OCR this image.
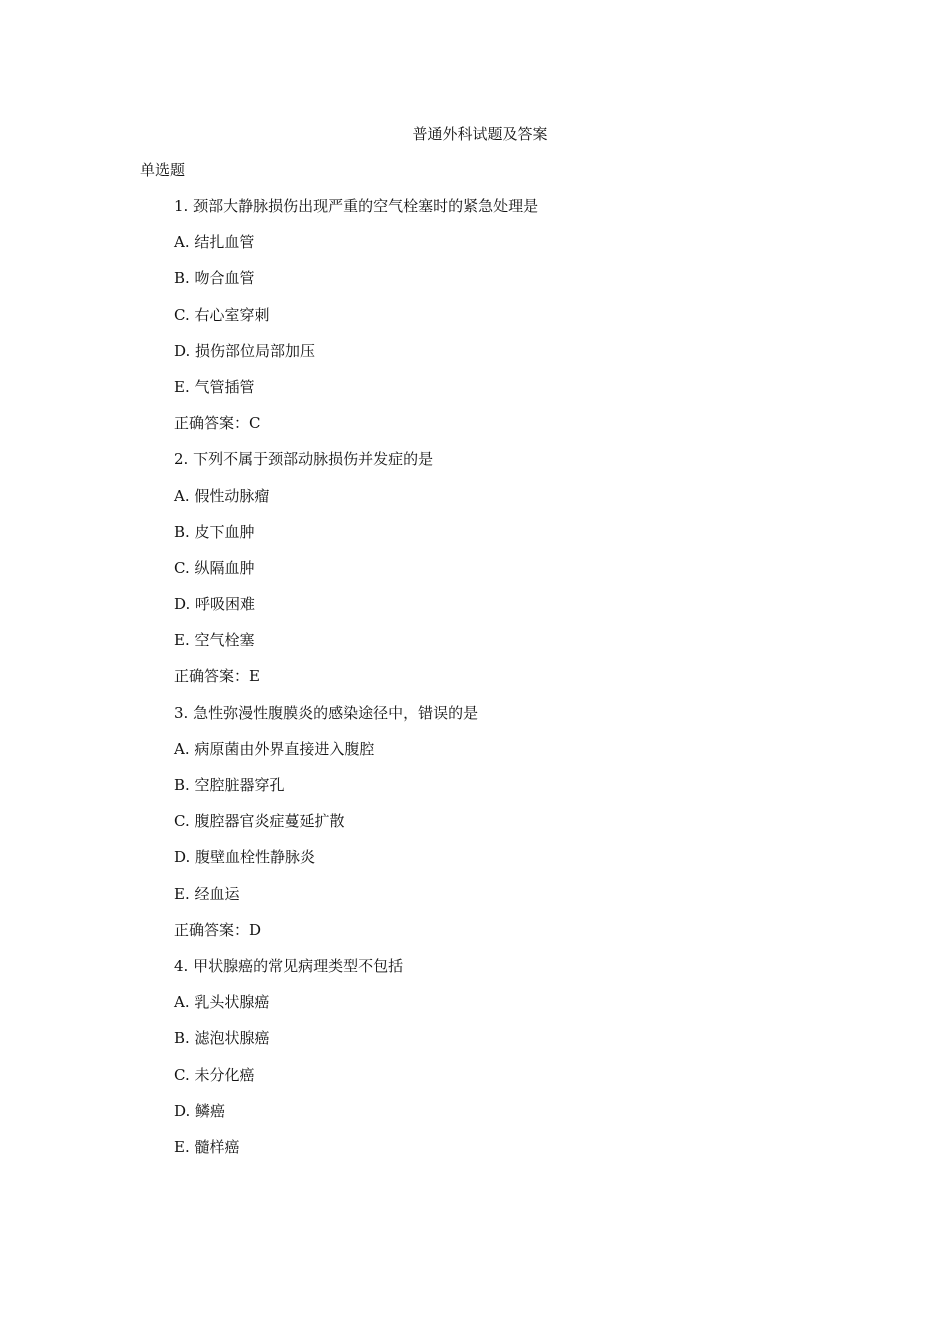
普通外科试题及答案
单选题
1. 颈部大静脉损伤出现严重的空气栓塞时的紧急处理是
A. 结扎血管
B. 吻合血管
C. 右心室穿刺
D. 损伤部位局部加压
E. 气管插管
正确答案：C
2. 下列不属于颈部动脉损伤并发症的是
A. 假性动脉瘤
B. 皮下血肿
C. 纵隔血肿
D. 呼吸困难
E. 空气栓塞
正确答案：E
3. 急性弥漫性腹膜炎的感染途径中，错误的是
A. 病原菌由外界直接进入腹腔
B. 空腔脏器穿孔
C. 腹腔器官炎症蔓延扩散
D. 腹壁血栓性静脉炎
E. 经血运
正确答案：D
4. 甲状腺癌的常见病理类型不包括
A. 乳头状腺癌
B. 滤泡状腺癌
C. 未分化癌
D. 鳞癌
E. 髓样癌
